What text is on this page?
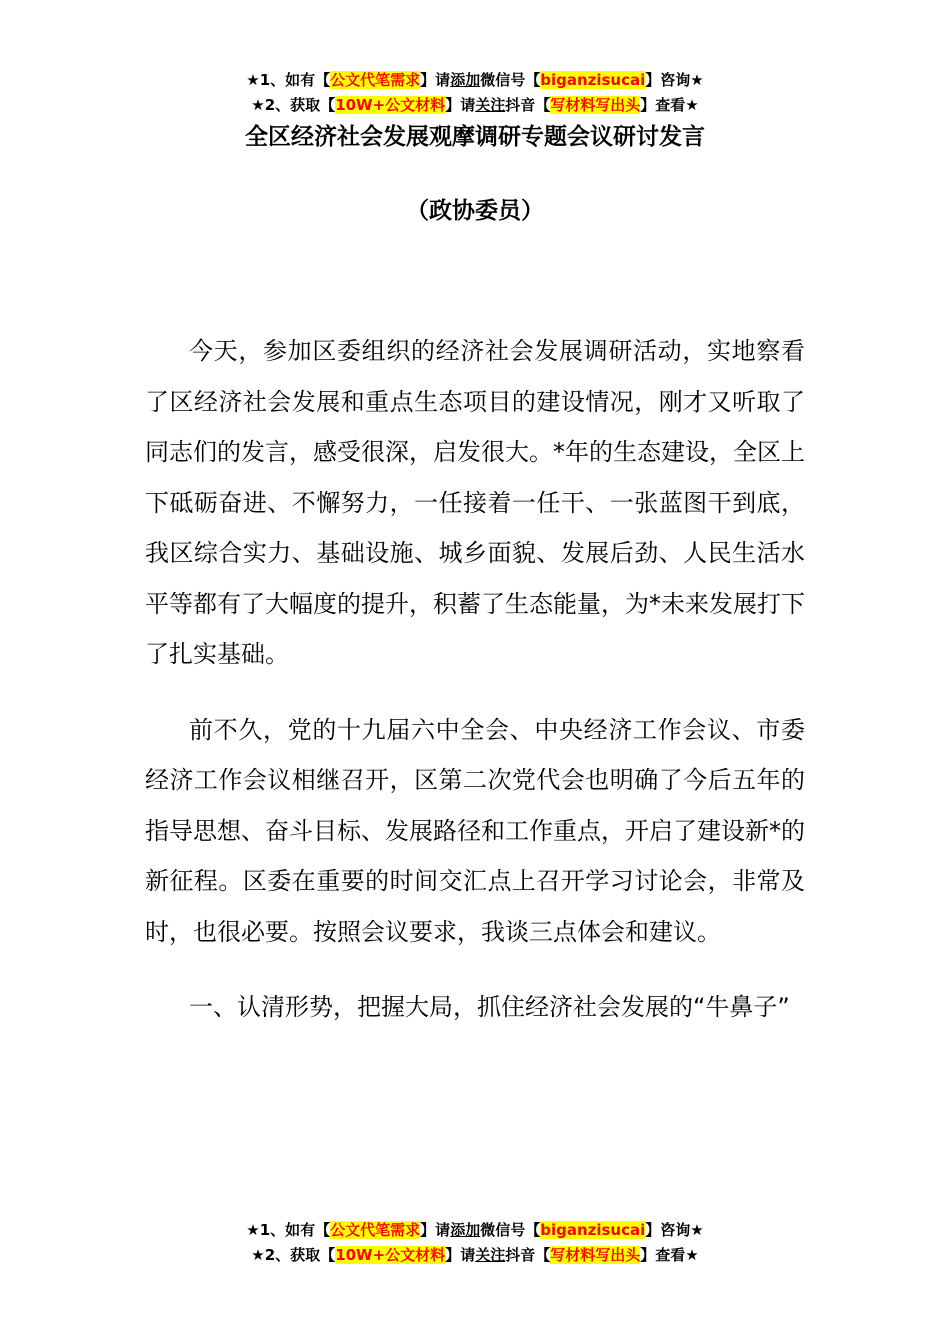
★1、如有【公文代笔需求】请添加微信号【biganzisucai】咨询★
★2、获取【10W+公文材料】请关注抖音【写材料写出头】查看★
全区经济社会发展观摩调研专题会议研讨发言
（政协委员）

今天，参加区委组织的经济社会发展调研活动，实地察看了区经济社会发展和重点生态项目的建设情况，刚才又听取了同志们的发言，感受很深，启发很大。*年的生态建设，全区上下砥砺奋进、不懈努力，一任接着一任干、一张蓝图干到底，我区综合实力、基础设施、城乡面貌、发展后劲、人民生活水平等都有了大幅度的提升，积蓄了生态能量，为*未来发展打下了扎实基础。

前不久，党的十九届六中全会、中央经济工作会议、市委经济工作会议相继召开，区第二次党代会也明确了今后五年的指导思想、奋斗目标、发展路径和工作重点，开启了建设新*的新征程。区委在重要的时间交汇点上召开学习讨论会，非常及时，也很必要。按照会议要求，我谈三点体会和建议。

一、认清形势，把握大局，抓住经济社会发展的“牛鼻子”

★1、如有【公文代笔需求】请添加微信号【biganzisucai】咨询★
★2、获取【10W+公文材料】请关注抖音【写材料写出头】查看★
